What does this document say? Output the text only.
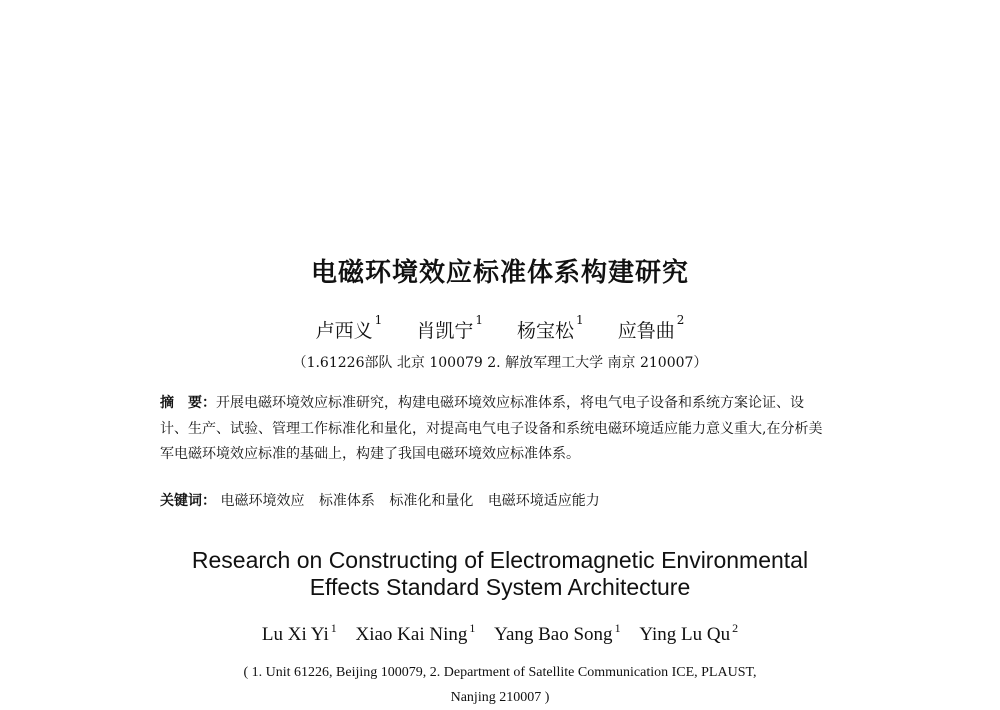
电磁环境效应标准体系构建研究
卢西义 $^1$ 肖凯宁 $^1$ 杨宝松 $^1$ 应鲁曲 $^2$
（1.61226部队 北京 100079 2. 解放军理工大学 南京 210007）
摘　要：开展电磁环境效应标准研究，构建电磁环境效应标准体系，将电气电子设备和系统方案论证、设计、生产、试验、管理工作标准化和量化，对提高电气电子设备和系统电磁环境适应能力意义重大,在分析美军电磁环境效应标准的基础上，构建了我国电磁环境效应标准体系。
关键词： 电磁环境效应 标准体系 标准化和量化 电磁环境适应能力
Research on Constructing of Electromagnetic Environmental
Effects Standard System Architecture
Lu Xi Yi $^1$ Xiao Kai Ning $^1$ Yang Bao Song $^1$ Ying Lu Qu $^2$
( 1. Unit 61226, Beijing 100079, 2. Department of Satellite Communication ICE, PLAUST,
Nanjing 210007 )
